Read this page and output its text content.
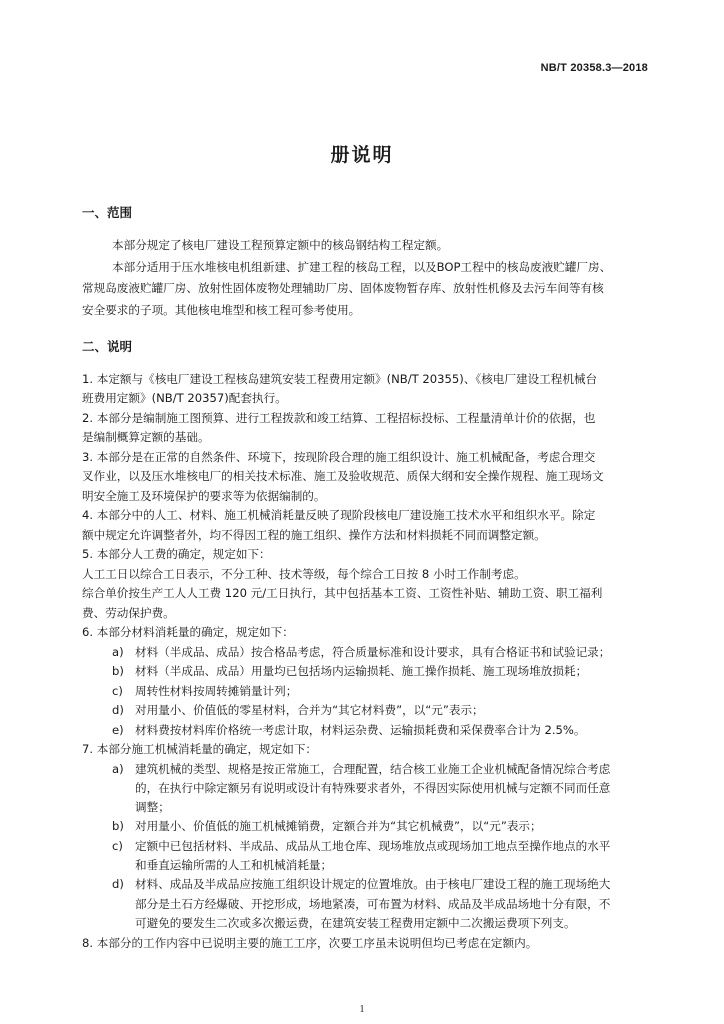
NB/T 20358.3—2018
册说明
一、范围
本部分规定了核电厂建设工程预算定额中的核岛钢结构工程定额。
本部分适用于压水堆核电机组新建、扩建工程的核岛工程，以及BOP工程中的核岛废液贮罐厂房、
常规岛废液贮罐厂房、放射性固体废物处理辅助厂房、固体废物暂存库、放射性机修及去污车间等有核
安全要求的子项。其他核电堆型和核工程可参考使用。
二、说明
1. 本定额与《核电厂建设工程核岛建筑安装工程费用定额》(NB/T 20355)、《核电厂建设工程机械台
班费用定额》(NB/T 20357)配套执行。
2. 本部分是编制施工图预算、进行工程拨款和竣工结算、工程招标投标、工程量清单计价的依据，也
是编制概算定额的基础。
3. 本部分是在正常的自然条件、环境下，按现阶段合理的施工组织设计、施工机械配备，考虑合理交
叉作业，以及压水堆核电厂的相关技术标准、施工及验收规范、质保大纲和安全操作规程、施工现场文
明安全施工及环境保护的要求等为依据编制的。
4. 本部分中的人工、材料、施工机械消耗量反映了现阶段核电厂建设施工技术水平和组织水平。除定
额中规定允许调整者外，均不得因工程的施工组织、操作方法和材料损耗不同而调整定额。
5. 本部分人工费的确定，规定如下：
人工工日以综合工日表示，不分工种、技术等级，每个综合工日按 8 小时工作制考虑。
综合单价按生产工人人工费 120 元/工日执行，其中包括基本工资、工资性补贴、辅助工资、职工福利
费、劳动保护费。
6. 本部分材料消耗量的确定，规定如下：
a) 材料（半成品、成品）按合格品考虑，符合质量标准和设计要求，具有合格证书和试验记录；
b) 材料（半成品、成品）用量均已包括场内运输损耗、施工操作损耗、施工现场堆放损耗；
c) 周转性材料按周转摊销量计列；
d) 对用量小、价值低的零星材料，合并为“其它材料费”，以“元”表示；
e) 材料费按材料库价格统一考虑计取，材料运杂费、运输损耗费和采保费率合计为 2.5%。
7. 本部分施工机械消耗量的确定，规定如下：
a) 建筑机械的类型、规格是按正常施工，合理配置，结合核工业施工企业机械配备情况综合考虑
的，在执行中除定额另有说明或设计有特殊要求者外，不得因实际使用机械与定额不同而任意
调整；
b) 对用量小、价值低的施工机械摊销费，定额合并为“其它机械费”，以“元”表示；
c) 定额中已包括材料、半成品、成品从工地仓库、现场堆放点或现场加工地点至操作地点的水平
和垂直运输所需的人工和机械消耗量；
d) 材料、成品及半成品应按施工组织设计规定的位置堆放。由于核电厂建设工程的施工现场绝大
部分是土石方经爆破、开挖形成，场地紧凑，可布置为材料、成品及半成品场地十分有限，不
可避免的要发生二次或多次搬运费，在建筑安装工程费用定额中二次搬运费项下列支。
8. 本部分的工作内容中已说明主要的施工工序，次要工序虽未说明但均已考虑在定额内。
1
